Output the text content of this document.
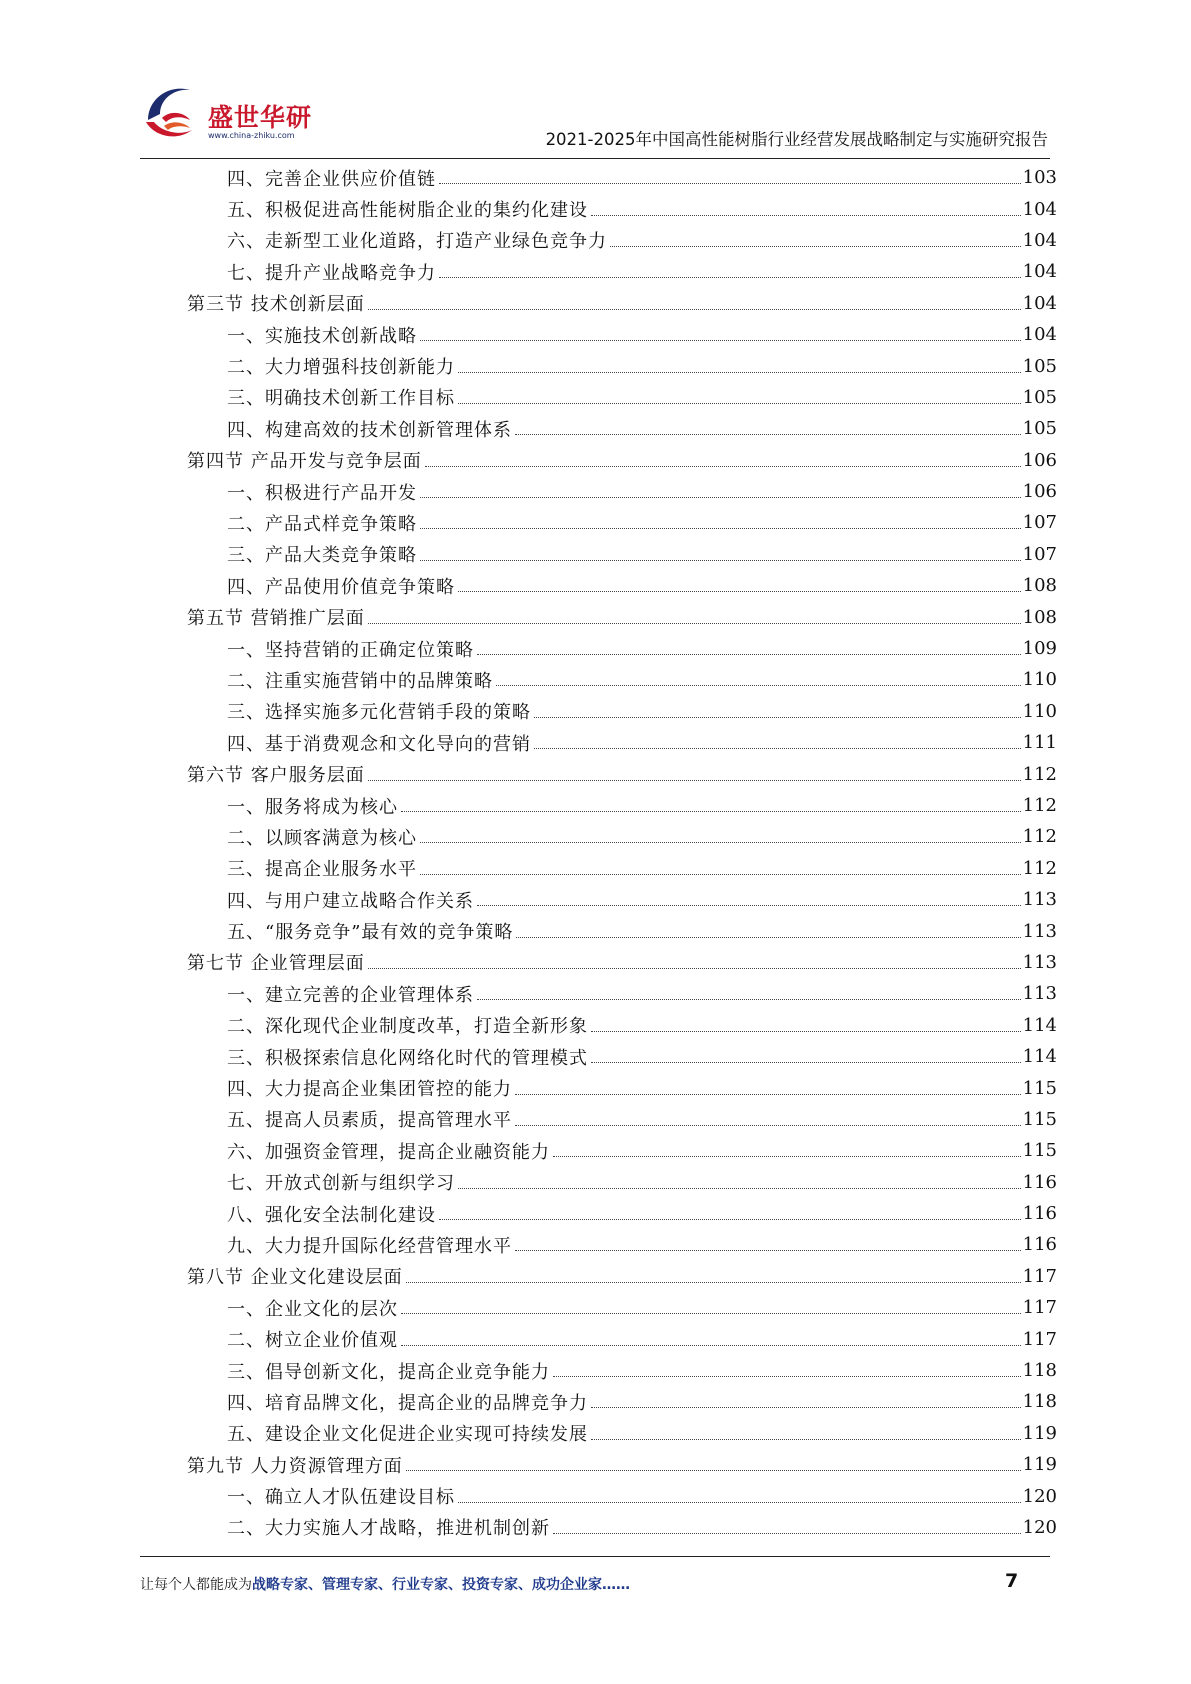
盛世华研
www.china-zhiku.com	2021-2025年中国高性能树脂行业经营发展战略制定与实施研究报告
四、完善企业供应价值链	103
五、积极促进高性能树脂企业的集约化建设	104
六、走新型工业化道路，打造产业绿色竞争力	104
七、提升产业战略竞争力	104
第三节 技术创新层面	104
一、实施技术创新战略	104
二、大力增强科技创新能力	105
三、明确技术创新工作目标	105
四、构建高效的技术创新管理体系	105
第四节 产品开发与竞争层面	106
一、积极进行产品开发	106
二、产品式样竞争策略	107
三、产品大类竞争策略	107
四、产品使用价值竞争策略	108
第五节 营销推广层面	108
一、坚持营销的正确定位策略	109
二、注重实施营销中的品牌策略	110
三、选择实施多元化营销手段的策略	110
四、基于消费观念和文化导向的营销	111
第六节 客户服务层面	112
一、服务将成为核心	112
二、以顾客满意为核心	112
三、提高企业服务水平	112
四、与用户建立战略合作关系	113
五、“服务竞争”最有效的竞争策略	113
第七节 企业管理层面	113
一、建立完善的企业管理体系	113
二、深化现代企业制度改革，打造全新形象	114
三、积极探索信息化网络化时代的管理模式	114
四、大力提高企业集团管控的能力	115
五、提高人员素质，提高管理水平	115
六、加强资金管理，提高企业融资能力	115
七、开放式创新与组织学习	116
八、强化安全法制化建设	116
九、大力提升国际化经营管理水平	116
第八节 企业文化建设层面	117
一、企业文化的层次	117
二、树立企业价值观	117
三、倡导创新文化，提高企业竞争能力	118
四、培育品牌文化，提高企业的品牌竞争力	118
五、建设企业文化促进企业实现可持续发展	119
第九节 人力资源管理方面	119
一、确立人才队伍建设目标	120
二、大力实施人才战略，推进机制创新	120
让每个人都能成为战略专家、管理专家、行业专家、投资专家、成功企业家……	7
